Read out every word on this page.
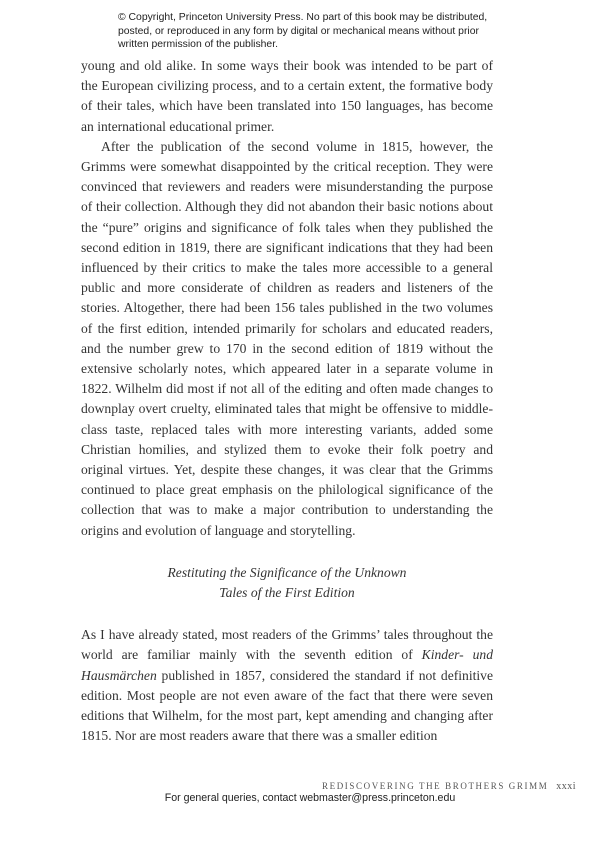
© Copyright, Princeton University Press. No part of this book may be distributed, posted, or reproduced in any form by digital or mechanical means without prior written permission of the publisher.

young and old alike. In some ways their book was intended to be part of the European civilizing process, and to a certain extent, the formative body of their tales, which have been translated into 150 languages, has become an international educational primer.

After the publication of the second volume in 1815, however, the Grimms were somewhat disappointed by the critical reception. They were convinced that reviewers and readers were misunderstanding the purpose of their collection. Although they did not abandon their basic notions about the “pure” origins and significance of folk tales when they published the second edition in 1819, there are significant indications that they had been influenced by their critics to make the tales more accessible to a general public and more considerate of children as readers and listeners of the stories. Altogether, there had been 156 tales published in the two volumes of the first edition, intended primarily for scholars and educated readers, and the number grew to 170 in the second edition of 1819 without the extensive scholarly notes, which appeared later in a separate volume in 1822. Wilhelm did most if not all of the editing and often made changes to downplay overt cruelty, eliminated tales that might be offensive to middle-class taste, replaced tales with more interesting variants, added some Christian homilies, and stylized them to evoke their folk poetry and original virtues. Yet, despite these changes, it was clear that the Grimms continued to place great emphasis on the philological significance of the collection that was to make a major contribution to understanding the origins and evolution of language and storytelling.

Restituting the Significance of the Unknown
Tales of the First Edition

As I have already stated, most readers of the Grimms’ tales throughout the world are familiar mainly with the seventh edition of Kinder- und Hausmärchen published in 1857, considered the standard if not definitive edition. Most people are not even aware of the fact that there were seven editions that Wilhelm, for the most part, kept amending and changing after 1815. Nor are most readers aware that there was a smaller edition

REDISCOVERING THE BROTHERS GRIMM xxxi
For general queries, contact webmaster@press.princeton.edu
